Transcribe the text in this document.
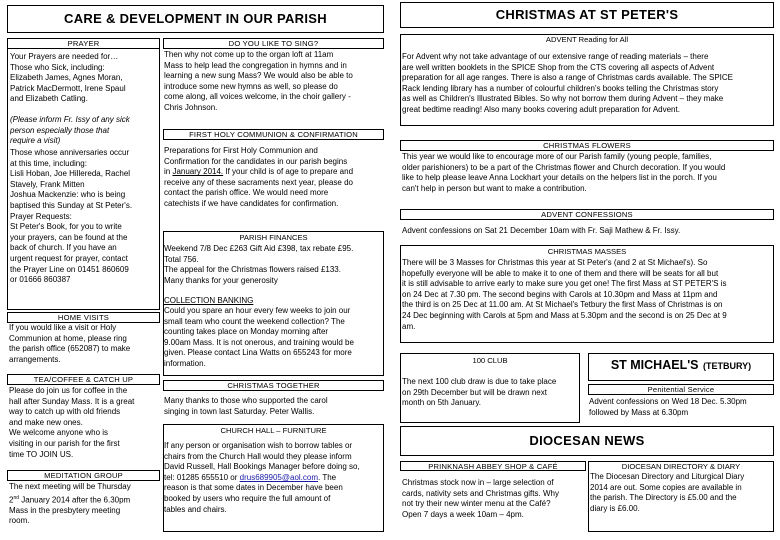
CARE & DEVELOPMENT IN OUR PARISH
PRAYER
Your Prayers are needed for…
Those who Sick, including:
Elizabeth James, Agnes Moran,
Patrick MacDermott, Irene Spaul
and Elizabeth Catling.
(Please inform Fr. Issy of any sick
person especially those that
require a visit)
Those whose anniversaries occur
at this time, including:
Lisli Hoban, Joe Hillereda, Rachel
Stavely, Frank Mitten
Joshua Mackenzie: who is being
baptised this Sunday at St Peter's.
Prayer Requests:
St Peter's Book, for you to write
your prayers, can be found at the
back of church. If you have an
urgent request for prayer, contact
the Prayer Line on 01451 860609
or 01666 860387
HOME VISITS
If you would like a visit or Holy
Communion at home, please ring
the parish office (652087) to make
arrangements.
TEA/COFFEE & CATCH UP
Please do join us for coffee in the
hall after Sunday Mass. It is a great
way to catch up with old friends
and make new ones.
We welcome anyone who is
visiting in our parish for the first
time TO JOIN US.
MEDITATION GROUP
The next meeting will be Thursday
2nd January 2014 after the 6.30pm
Mass in the presbytery meeting
room.
DO YOU LIKE TO SING?
Then why not come up to the organ loft at 11am
Mass to help lead the congregation in hymns and in
learning a new sung Mass? We would also be able to
introduce some new hymns as well, so please do
come along, all voices welcome, in the choir gallery -
Chris Johnson.
FIRST HOLY COMMUNION & CONFIRMATION
Preparations for First Holy Communion and
Confirmation for the candidates in our parish begins
in January 2014. If your child is of age to prepare and
receive any of these sacraments next year, please do
contact the parish office. We would need more
catechists if we have candidates for confirmation.
PARISH FINANCES
Weekend 7/8 Dec £263 Gift Aid £398, tax rebate £95.
Total 756.
The appeal for the Christmas flowers raised £133.
Many thanks for your generosity
COLLECTION BANKING
Could you spare an hour every few weeks to join our
small team who count the weekend collection? The
counting takes place on Monday morning after
9.00am Mass. It is not onerous, and training would be
given. Please contact Lina Watts on 655243 for more
information.
CHRISTMAS TOGETHER
Many thanks to those who supported the carol
singing in town last Saturday. Peter Wallis.
CHURCH HALL – FURNITURE
If any person or organisation wish to borrow tables or
chairs from the Church Hall would they please inform
David Russell, Hall Bookings Manager before doing so,
tel: 01285 655510 or drus689905@aol.com. The
reason is that some dates in December have been
booked by users who require the full amount of
tables and chairs.
CHRISTMAS AT ST PETER'S
ADVENT Reading for All
For Advent why not take advantage of our extensive range of reading materials – there
are well written booklets in the SPICE Shop from the CTS covering all aspects of Advent
preparation for all age ranges. There is also a range of Christmas cards available. The SPICE
Rack lending library has a number of colourful children's books telling the Christmas story
as well as Children's Illustrated Bibles. So why not borrow them during Advent – they make
great bedtime reading! Also many books covering adult preparation for Advent.
CHRISTMAS FLOWERS
This year we would like to encourage more of our Parish family (young people, families,
older parishioners) to be a part of the Christmas flower and Church decoration. If you would
like to help please leave Anna Lockhart your details on the helpers list in the porch. If you
can't help in person but want to make a contribution.
ADVENT CONFESSIONS
Advent confessions on Sat 21 December 10am with Fr. Saji Mathew & Fr. Issy.
CHRISTMAS MASSES
There will be 3 Masses for Christmas this year at St Peter's (and 2 at St Michael's). So
hopefully everyone will be able to make it to one of them and there will be seats for all but
it is still advisable to arrive early to make sure you get one! The first Mass at ST PETER'S is
on 24 Dec at 7.30 pm. The second begins with Carols at 10.30pm and Mass at 11pm and
the third is on 25 Dec at 11.00 am. At St Michael's Tetbury the first Mass of Christmas is on
24 Dec beginning with Carols at 5pm and Mass at 5.30pm and the second is on 25 Dec at 9
am.
100 CLUB
The next 100 club draw is due to take place
on 29th December but will be drawn next
month on 5th January.
ST MICHAEL'S (TETBURY)
Penitential Service
Advent confessions on Wed 18 Dec. 5.30pm
followed by Mass at 6.30pm
DIOCESAN NEWS
PRINKNASH ABBEY SHOP & CAFÉ
Christmas stock now in – large selection of
cards, nativity sets and Christmas gifts. Why
not try their new winter menu at the Café?
Open 7 days a week 10am – 4pm.
DIOCESAN DIRECTORY & DIARY
The Diocesan Directory and Liturgical Diary
2014 are out. Some copies are available in
the parish. The Directory is £5.00 and the
diary is £6.00.
